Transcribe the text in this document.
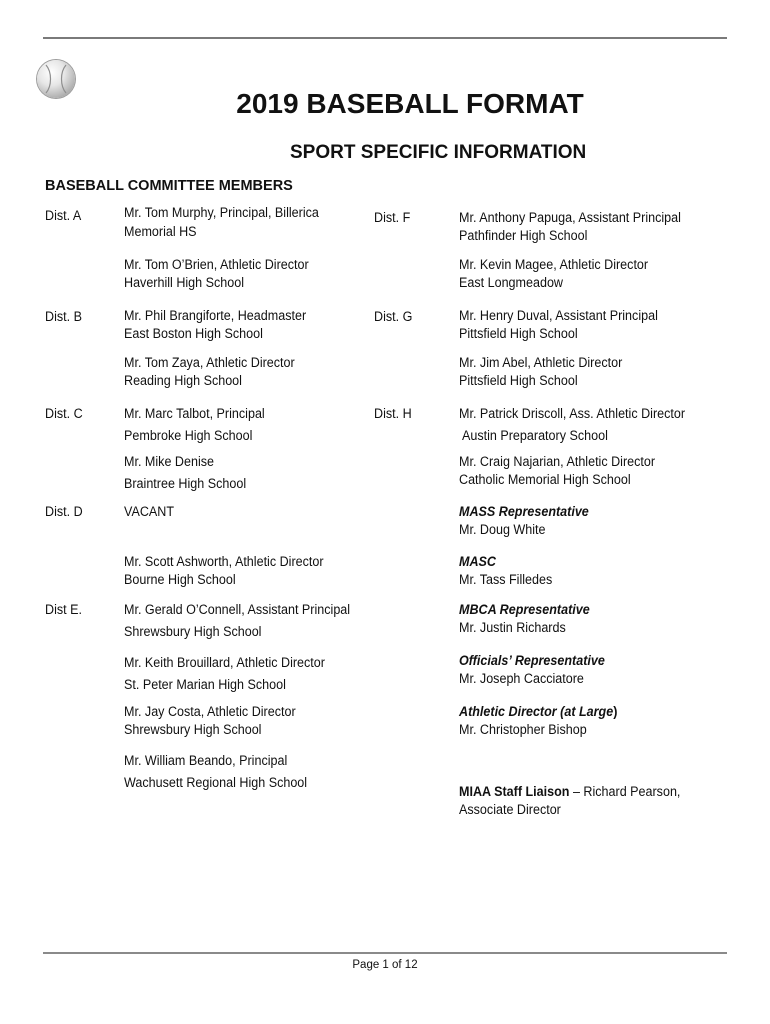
2019 BASEBALL FORMAT
SPORT SPECIFIC INFORMATION
BASEBALL COMMITTEE MEMBERS
Dist. A
Dist. B
Dist. C
Dist. D
Dist E.
Mr. Tom Murphy, Principal, Billerica
Memorial HS
Mr. Tom O’Brien, Athletic Director
Haverhill High School
Mr. Phil Brangiforte, Headmaster
East Boston High School
Mr. Tom Zaya, Athletic Director
Reading High School
Mr. Marc Talbot, Principal
Pembroke High School
Mr. Mike Denise
Braintree High School
VACANT
Mr. Scott Ashworth, Athletic Director
Bourne High School
Mr. Gerald O’Connell, Assistant Principal
Shrewsbury High School
Mr. Keith Brouillard, Athletic Director
St. Peter Marian High School
Mr. Jay Costa, Athletic Director
Shrewsbury High School
Mr. William Beando, Principal
Wachusett Regional High School
Dist. F
Dist. G
Dist. H
Mr. Anthony Papuga, Assistant Principal
Pathfinder High School
Mr. Kevin Magee, Athletic Director
East Longmeadow
Mr. Henry Duval, Assistant Principal
Pittsfield High School
Mr. Jim Abel, Athletic Director
Pittsfield High School
Mr. Patrick Driscoll, Ass. Athletic Director
Austin Preparatory School
Mr. Craig Najarian, Athletic Director
Catholic Memorial High School
MASS Representative
Mr. Doug White
MASC
Mr. Tass Filledes
MBCA Representative
Mr. Justin Richards
Officials’ Representative
Mr. Joseph Cacciatore
Athletic Director (at Large)
Mr. Christopher Bishop
MIAA Staff Liaison – Richard Pearson,
Associate Director
Page 1 of 12
